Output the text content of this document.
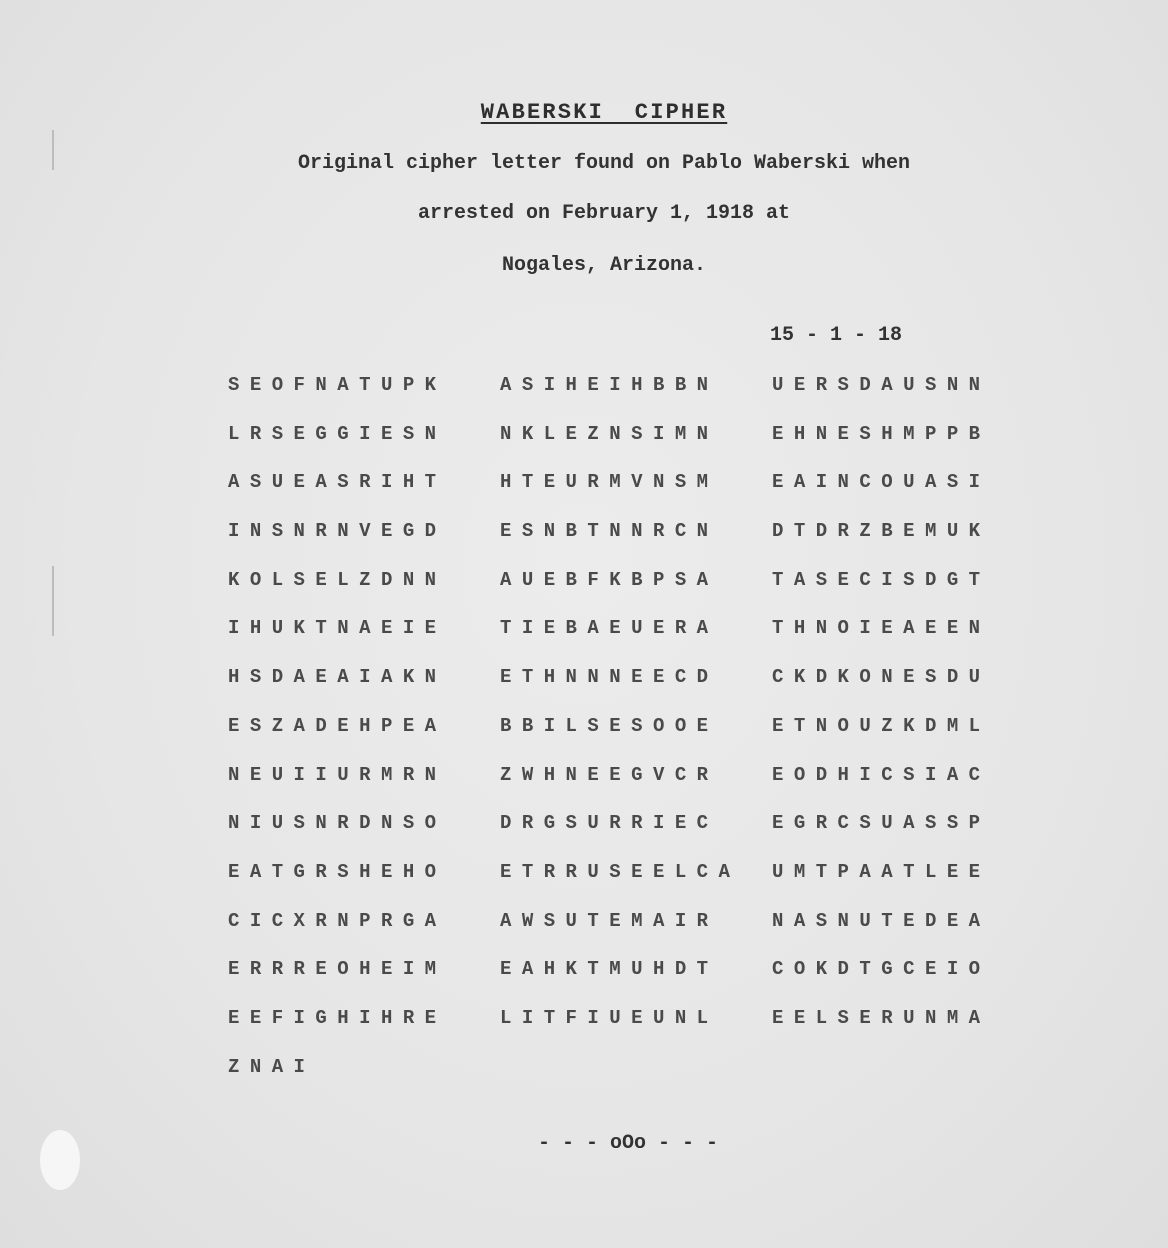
WABERSKI  CIPHER
Original cipher letter found on Pablo Waberski when
arrested on February 1, 1918 at
Nogales, Arizona.
15 - 1 - 18
SEOFNATUPK	ASIHEIHBBN	UERSDAUSNN
LRSEGGIESN	NKLEZNSIMN	EHNESHMPPB
ASUEASRIHT	HTEURMVNSM	EAINCOUASI
INSNRNVEGD	ESNBTNNRCN	DTDRZBEMUK
KOLSELZDNN	AUEBFKBPSA	TASECISDGT
IHUKTNAEIE	TIEBAEUERA	THNOIEAEEN
HSDAEAIAKN	ETHNNNEECD	CKDKONESDU
ESZADEHPEA	BBILSESOOE	ETNOUZKDML
NEUIIURMRN	ZWHNEEGVCR	EODHICSIAC
NIUSNRDNSO	DRGSURRIEC	EGRCSUASSP
EATGRSHEHO	ETRRUSEELCA UMTPAATLEE
CICXRNPRGA	AWSUTEMAIR	NASNUTEDEA
ERRREOHEIM	EAHKTMUHDT	COKDTGCEIO
EEFIGHIHRE	LITFIUEUNL	EELSERUNMA
ZNAI
- - - oOo - - -
